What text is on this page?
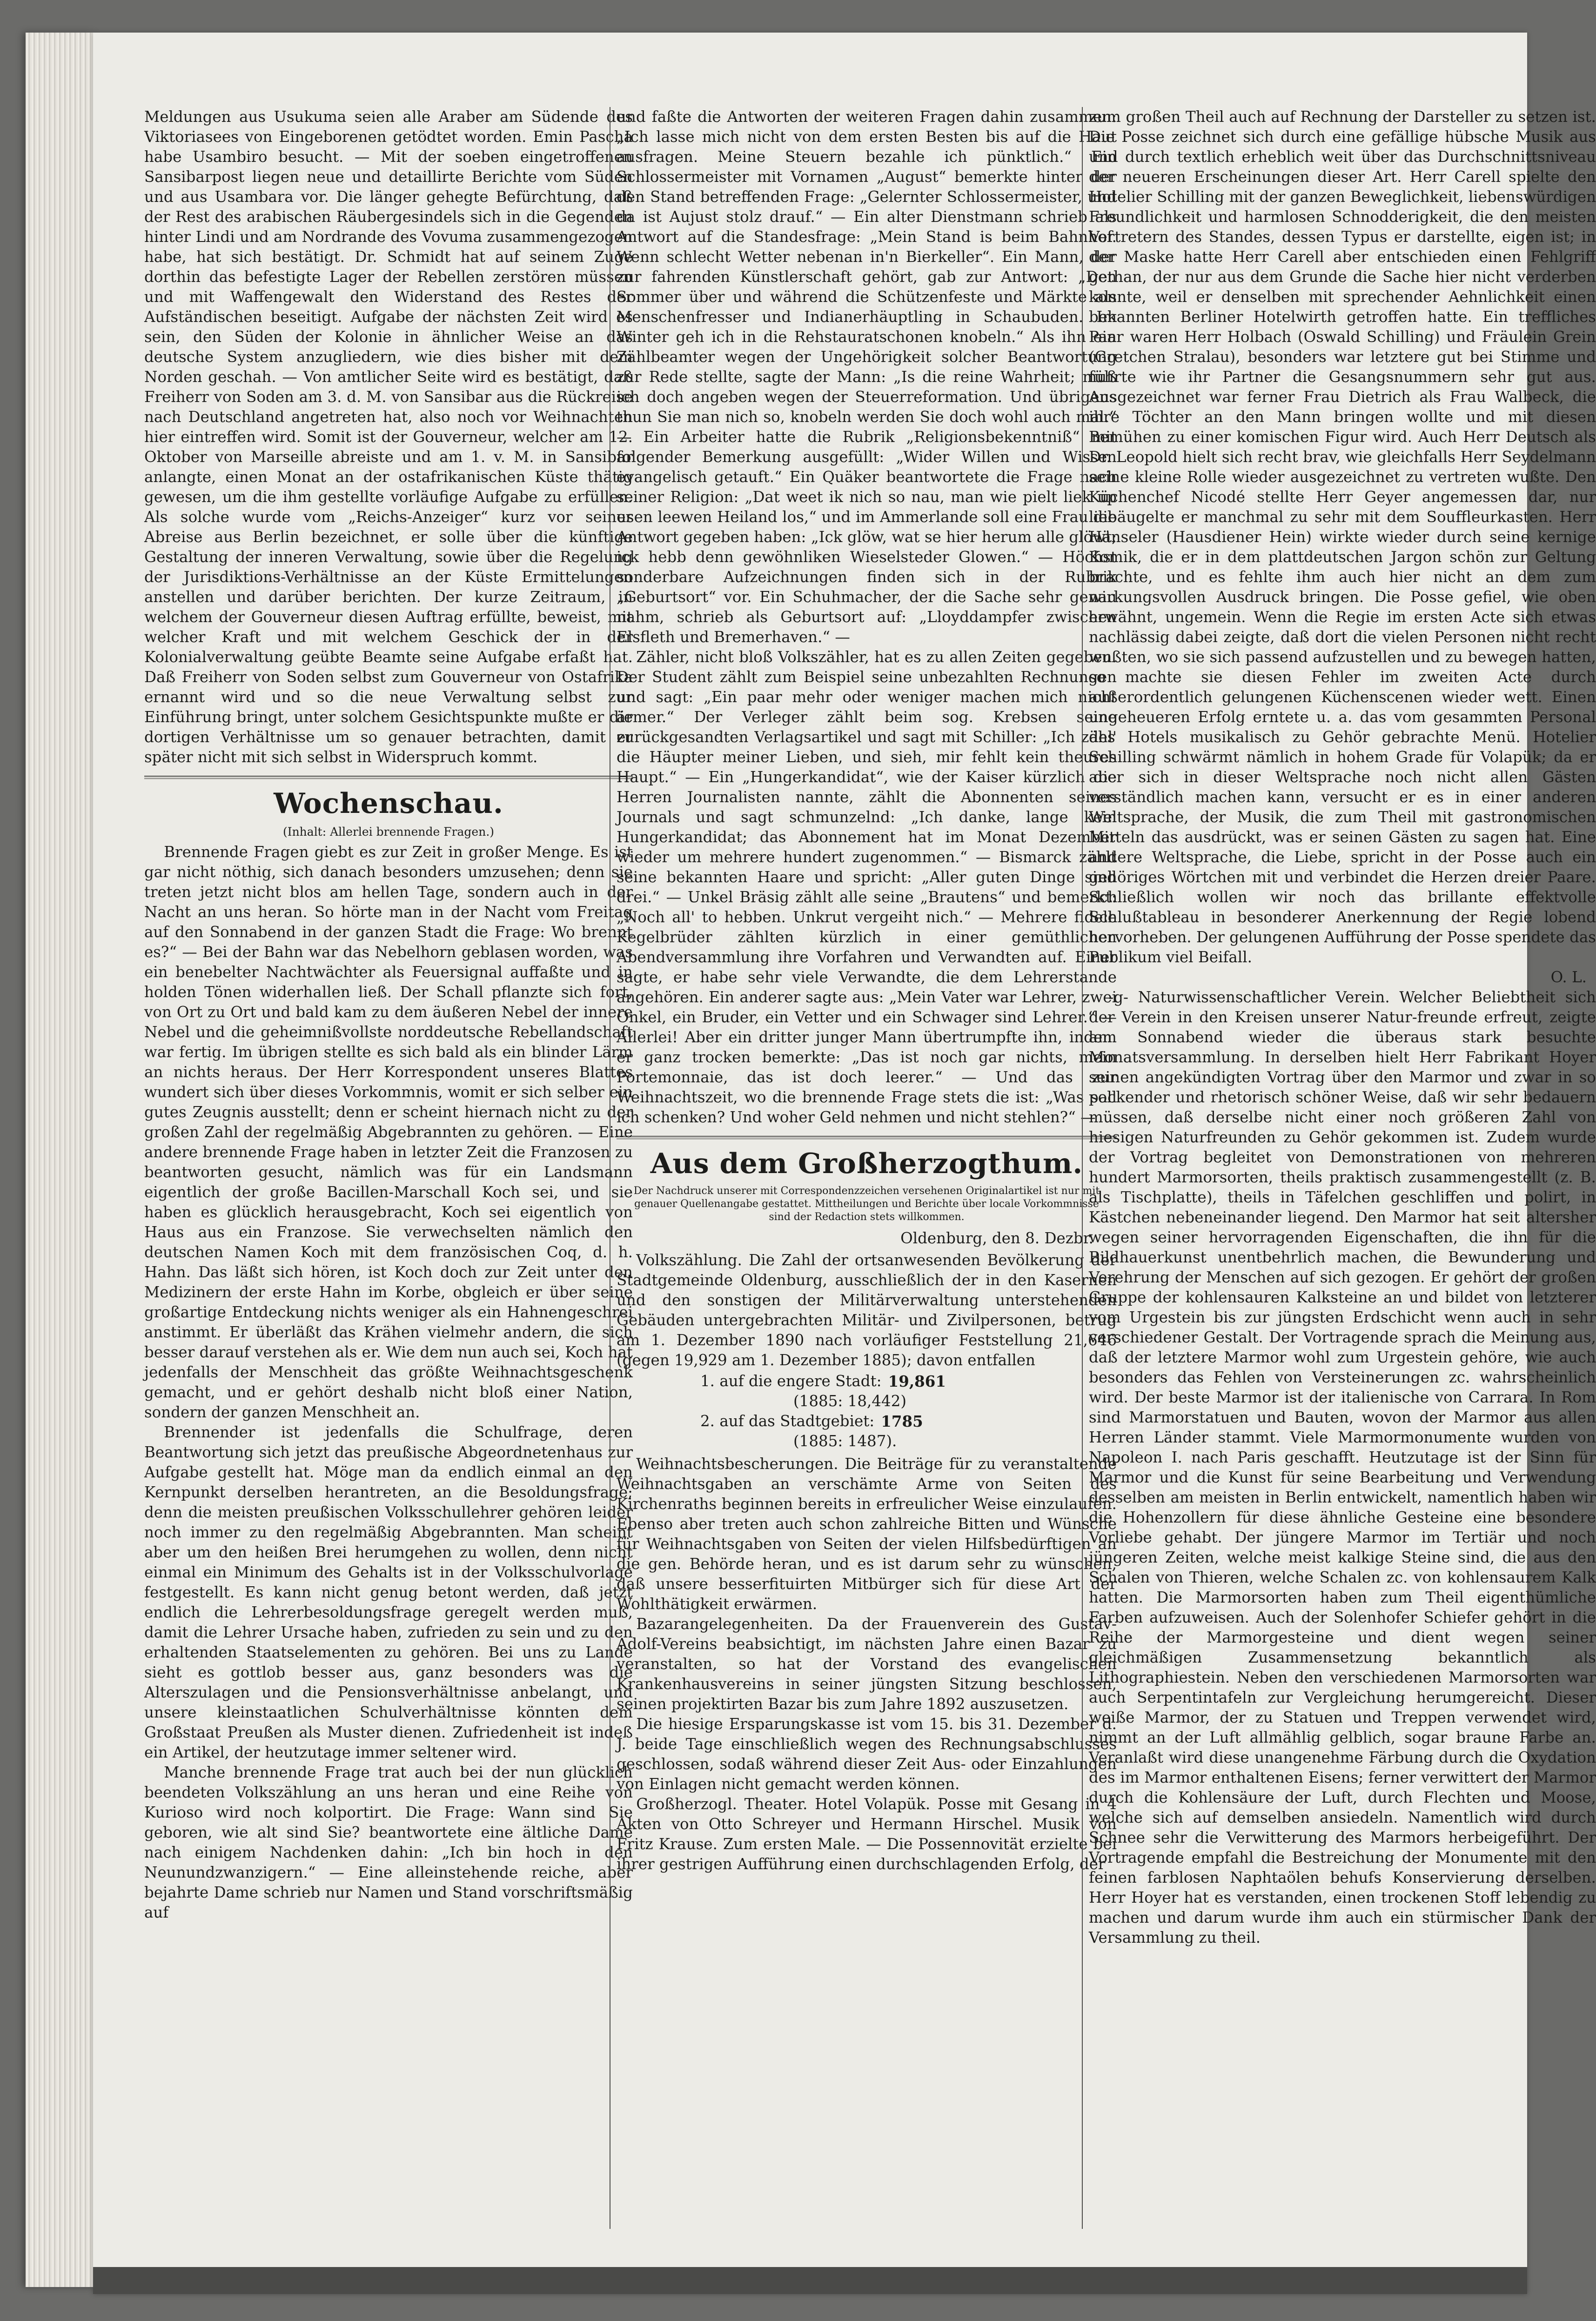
Meldungen aus Usukuma seien alle Araber am Südende des Viktoriasees von Eingeborenen getödtet worden. Emin Pascha habe Usambiro besucht. — Mit der soeben eingetroffenen Sansibarpost liegen neue und detaillirte Berichte vom Süden und aus Usambara vor. Die länger gehegte Befürchtung, daß der Rest des arabischen Räubergesindels sich in die Gegenden hinter Lindi und am Nordrande des Vovuma zusammengezogen habe, hat sich bestätigt. Dr. Schmidt hat auf seinem Zuge dorthin das befestigte Lager der Rebellen zerstören müssen und mit Waffengewalt den Widerstand des Restes der Aufständischen beseitigt. Aufgabe der nächsten Zeit wird es sein, den Süden der Kolonie in ähnlicher Weise an das deutsche System anzugliedern, wie dies bisher mit dem Norden geschah. — Von amtlicher Seite wird es bestätigt, daß Freiherr von Soden am 3. d. M. von Sansibar aus die Rückreise nach Deutschland angetreten hat, also noch vor Weihnachten hier eintreffen wird. Somit ist der Gouverneur, welcher am 12. Oktober von Marseille abreiste und am 1. v. M. in Sansibar anlangte, einen Monat an der ostafrikanischen Küste thätig gewesen, um die ihm gestellte vorläufige Aufgabe zu erfüllen. Als solche wurde vom „Reichs-Anzeiger“ kurz vor seiner Abreise aus Berlin bezeichnet, er solle über die künftige Gestaltung der inneren Verwaltung, sowie über die Regelung der Jurisdiktions-Verhältnisse an der Küste Ermittelungen anstellen und darüber berichten. Der kurze Zeitraum, in welchem der Gouverneur diesen Auftrag erfüllte, beweist, mit welcher Kraft und mit welchem Geschick der in der Kolonialverwaltung geübte Beamte seine Aufgabe erfaßt hat. Daß Freiherr von Soden selbst zum Gouverneur von Ostafrika ernannt wird und so die neue Verwaltung selbst zur Einführung bringt, unter solchem Gesichtspunkte mußte er die dortigen Verhältnisse um so genauer betrachten, damit er später nicht mit sich selbst in Widerspruch kommt.

Wochenschau.
(Inhalt: Allerlei brennende Fragen.)

Brennende Fragen giebt es zur Zeit in großer Menge. Es ist gar nicht nöthig, sich danach besonders umzusehen; denn sie treten jetzt nicht blos am hellen Tage, sondern auch in der Nacht an uns heran. So hörte man in der Nacht vom Freitag auf den Sonnabend in der ganzen Stadt die Frage: Wo brennt es?“ — Bei der Bahn war das Nebelhorn geblasen worden, was ein benebelter Nachtwächter als Feuersignal auffaßte und in holden Tönen widerhallen ließ. Der Schall pflanzte sich fort, von Ort zu Ort und bald kam zu dem äußeren Nebel der innere Nebel und die geheimnißvollste norddeutsche Rebellandschaft war fertig. Im übrigen stellte es sich bald als ein blinder Lärm an nichts heraus. Der Herr Korrespondent unseres Blattes wundert sich über dieses Vorkommnis, womit er sich selber ein gutes Zeugnis ausstellt; denn er scheint hiernach nicht zu der großen Zahl der regelmäßig Abgebrannten zu gehören. — Eine andere brennende Frage haben in letzter Zeit die Franzosen zu beantworten gesucht, nämlich was für ein Landsmann eigentlich der große Bacillen-Marschall Koch sei, und sie haben es glücklich herausgebracht, Koch sei eigentlich von Haus aus ein Franzose. Sie verwechselten nämlich den deutschen Namen Koch mit dem französischen Coq, d. h. Hahn. Das läßt sich hören, ist Koch doch zur Zeit unter den Medizinern der erste Hahn im Korbe, obgleich er über seine großartige Entdeckung nichts weniger als ein Hahnengeschrei anstimmt. Er überläßt das Krähen vielmehr andern, die sich besser darauf verstehen als er. Wie dem nun auch sei, Koch hat jedenfalls der Menschheit das größte Weihnachtsgeschenk gemacht, und er gehört deshalb nicht bloß einer Nation, sondern der ganzen Menschheit an.

Brennender ist jedenfalls die Schulfrage, deren Beantwortung sich jetzt das preußische Abgeordnetenhaus zur Aufgabe gestellt hat. Möge man da endlich einmal an den Kernpunkt derselben herantreten, an die Besoldungsfrage; denn die meisten preußischen Volksschullehrer gehören leider noch immer zu den regelmäßig Abgebrannten. Man scheint aber um den heißen Brei herumgehen zu wollen, denn nicht einmal ein Minimum des Gehalts ist in der Volksschulvorlage festgestellt. Es kann nicht genug betont werden, daß jetzt endlich die Lehrerbesoldungsfrage geregelt werden muß, damit die Lehrer Ursache haben, zufrieden zu sein und zu den erhaltenden Staatselementen zu gehören. Bei uns zu Lande sieht es gottlob besser aus, ganz besonders was die Alterszulagen und die Pensionsverhältnisse anbelangt, und unsere kleinstaatlichen Schulverhältnisse könnten dem Großstaat Preußen als Muster dienen. Zufriedenheit ist indeß ein Artikel, der heutzutage immer seltener wird.

Manche brennende Frage trat auch bei der nun glücklich beendeten Volkszählung an uns heran und eine Reihe von Kurioso wird noch kolportirt. Die Frage: Wann sind Sie geboren, wie alt sind Sie? beantwortete eine ältliche Dame nach einigem Nachdenken dahin: „Ich bin hoch in den Neunundzwanzigern.“ — Eine alleinstehende reiche, aber bejahrte Dame schrieb nur Namen und Stand vorschriftsmäßig auf

und faßte die Antworten der weiteren Fragen dahin zusammen: „Ich lasse mich nicht von dem ersten Besten bis auf die Haut ausfragen. Meine Steuern bezahle ich pünktlich.“ Ein Schlossermeister mit Vornamen „August“ bemerkte hinter der den Stand betreffenden Frage: „Gelernter Schlossermeister, und da ist Aujust stolz drauf.“ — Ein alter Dienstmann schrieb als Antwort auf die Standesfrage: „Mein Stand is beim Bahnhof. Wenn schlecht Wetter nebenan in'n Bierkeller“. Ein Mann, der zur fahrenden Künstlerschaft gehört, gab zur Antwort: „Den Sommer über und während die Schützenfeste und Märkte als Menschenfresser und Indianerhäuptling in Schaubuden. Im Winter geh ich in die Rehstauratschonen knobeln.“ Als ihn ein Zählbeamter wegen der Ungehörigkeit solcher Beantwortung zur Rede stellte, sagte der Mann: „Is die reine Wahrheit; muß ich doch angeben wegen der Steuerreformation. Und übrigens thun Sie man nich so, knobeln werden Sie doch wohl auch mal.“ — Ein Arbeiter hatte die Rubrik „Religionsbekenntniß“ mit folgender Bemerkung ausgefüllt: „Wider Willen und Wissen evangelisch getauft.“ Ein Quäker beantwortete die Frage nach seiner Religion: „Dat weet ik nich so nau, man wie pielt liek up usen leewen Heiland los,“ und im Ammerlande soll eine Frau die Antwort gegeben haben: „Ick glöw, wat se hier herum alle glöwt; ick hebb denn gewöhnliken Wieselsteder Glowen.“ — Höchst sonderbare Aufzeichnungen finden sich in der Rubrik „Geburtsort“ vor. Ein Schuhmacher, der die Sache sehr genau nahm, schrieb als Geburtsort auf: „Lloyddampfer zwischen Elsfleth und Bremerhaven.“ —

Zähler, nicht bloß Volkszähler, hat es zu allen Zeiten gegeben. Der Student zählt zum Beispiel seine unbezahlten Rechnungen und sagt: „Ein paar mehr oder weniger machen mich nicht ärmer.“ Der Verleger zählt beim sog. Krebsen seine zurückgesandten Verlagsartikel und sagt mit Schiller: „Ich zähl' die Häupter meiner Lieben, und sieh, mir fehlt kein theures Haupt.“ — Ein „Hungerkandidat“, wie der Kaiser kürzlich die Herren Journalisten nannte, zählt die Abonnenten seines Journals und sagt schmunzelnd: „Ich danke, lange kein Hungerkandidat; das Abonnement hat im Monat Dezember wieder um mehrere hundert zugenommen.“ — Bismarck zählt seine bekannten Haare und spricht: „Aller guten Dinge sind drei.“ — Unkel Bräsig zählt alle seine „Brautens“ und bemerkt: „Noch all' to hebben. Unkrut vergeiht nich.“ — Mehrere fidele Kegelbrüder zählten kürzlich in einer gemüthlichen Abendversammlung ihre Vorfahren und Verwandten auf. Einer sagte, er habe sehr viele Verwandte, die dem Lehrerstande angehören. Ein anderer sagte aus: „Mein Vater war Lehrer, zwei Onkel, ein Bruder, ein Vetter und ein Schwager sind Lehrer.“ — Allerlei! Aber ein dritter junger Mann übertrumpfte ihn, indem er ganz trocken bemerkte: „Das ist noch gar nichts, mein Portemonnaie, das ist doch leerer.“ — Und das zur Weihnachtszeit, wo die brennende Frage stets die ist: „Was soll ich schenken? Und woher Geld nehmen und nicht stehlen?“ —

Aus dem Großherzogthum.
Der Nachdruck unserer mit Correspondenzzeichen versehenen Originalartikel ist nur mit genauer Quellenangabe gestattet. Mittheilungen und Berichte über locale Vorkommnisse sind der Redaction stets willkommen.
Oldenburg, den 8. Dezbr.

Volkszählung. Die Zahl der ortsanwesenden Bevölkerung der Stadtgemeinde Oldenburg, ausschließlich der in den Kasernen und den sonstigen der Militärverwaltung unterstehenden Gebäuden untergebrachten Militär- und Zivilpersonen, betrug am 1. Dezember 1890 nach vorläufiger Feststellung 21,646 (gegen 19,929 am 1. Dezember 1885); davon entfallen

1. auf die engere Stadt: 19,861
(1885: 18,442)
2. auf das Stadtgebiet: 1785
(1885: 1487).

Weihnachtsbescherungen. Die Beiträge für zu veranstaltende Weihnachtsgaben an verschämte Arme von Seiten des Kirchenraths beginnen bereits in erfreulicher Weise einzulaufen. Ebenso aber treten auch schon zahlreiche Bitten und Wünsche für Weihnachtsgaben von Seiten der vielen Hilfsbedürftigen an die gen. Behörde heran, und es ist darum sehr zu wünschen, daß unsere besserfituirten Mitbürger sich für diese Art der Wohlthätigkeit erwärmen.

Bazarangelegenheiten. Da der Frauenverein des Gustav-Adolf-Vereins beabsichtigt, im nächsten Jahre einen Bazar zu veranstalten, so hat der Vorstand des evangelischen Krankenhausvereins in seiner jüngsten Sitzung beschlossen, seinen projektirten Bazar bis zum Jahre 1892 auszusetzen.

Die hiesige Ersparungskasse ist vom 15. bis 31. Dezember d. J. beide Tage einschließlich wegen des Rechnungsabschlusses geschlossen, sodaß während dieser Zeit Aus- oder Einzahlungen von Einlagen nicht gemacht werden können.

Großherzogl. Theater. Hotel Volapük. Posse mit Gesang in 4 Akten von Otto Schreyer und Hermann Hirschel. Musik von Fritz Krause. Zum ersten Male. — Die Possennovität erzielte bei ihrer gestrigen Aufführung einen durchschlagenden Erfolg, der

zum großen Theil auch auf Rechnung der Darsteller zu setzen ist. Die Posse zeichnet sich durch eine gefällige hübsche Musik aus und durch textlich erheblich weit über das Durchschnittsniveau der neueren Erscheinungen dieser Art. Herr Carell spielte den Hotelier Schilling mit der ganzen Beweglichkeit, liebenswürdigen Freundlichkeit und harmlosen Schnodderigkeit, die den meisten Vertretern des Standes, dessen Typus er darstellte, eigen ist; in der Maske hatte Herr Carell aber entschieden einen Fehlgriff gethan, der nur aus dem Grunde die Sache hier nicht verderben konnte, weil er denselben mit sprechender Aehnlichkeit einen bekannten Berliner Hotelwirth getroffen hatte. Ein treffliches Paar waren Herr Holbach (Oswald Schilling) und Fräulein Grein (Gretchen Stralau), besonders war letztere gut bei Stimme und führte wie ihr Partner die Gesangsnummern sehr gut aus. Ausgezeichnet war ferner Frau Dietrich als Frau Walbeck, die ihre Töchter an den Mann bringen wollte und mit diesen Bemühen zu einer komischen Figur wird. Auch Herr Deutsch als Dr. Leopold hielt sich recht brav, wie gleichfalls Herr Seydelmann seine kleine Rolle wieder ausgezeichnet zu vertreten wußte. Den Küchenchef Nicodé stellte Herr Geyer angemessen dar, nur liebäugelte er manchmal zu sehr mit dem Souffleurkasten. Herr Hänseler (Hausdiener Hein) wirkte wieder durch seine kernige Komik, die er in dem plattdeutschen Jargon schön zur Geltung brachte, und es fehlte ihm auch hier nicht an dem zum wirkungsvollen Ausdruck bringen. Die Posse gefiel, wie oben erwähnt, ungemein. Wenn die Regie im ersten Acte sich etwas nachlässig dabei zeigte, daß dort die vielen Personen nicht recht wußten, wo sie sich passend aufzustellen und zu bewegen hatten, so machte sie diesen Fehler im zweiten Acte durch außerordentlich gelungenen Küchenscenen wieder wett. Einen ungeheueren Erfolg erntete u. a. das vom gesammten Personal des Hotels musikalisch zu Gehör gebrachte Menü. Hotelier Schilling schwärmt nämlich in hohem Grade für Volapük; da er aber sich in dieser Weltsprache noch nicht allen Gästen verständlich machen kann, versucht er es in einer anderen Weltsprache, der Musik, die zum Theil mit gastronomischen Mitteln das ausdrückt, was er seinen Gästen zu sagen hat. Eine andere Weltsprache, die Liebe, spricht in der Posse auch ein gehöriges Wörtchen mit und verbindet die Herzen dreier Paare. Schließlich wollen wir noch das brillante effektvolle Schlußtableau in besonderer Anerkennung der Regie lobend hervorheben. Der gelungenen Aufführung der Posse spendete das Publikum viel Beifall.

O. L.

-g- Naturwissenschaftlicher Verein. Welcher Beliebtheit sich der Verein in den Kreisen unserer Natur-freunde erfreut, zeigte am Sonnabend wieder die überaus stark besuchte Monatsversammlung. In derselben hielt Herr Fabrikant Hoyer seinen angekündigten Vortrag über den Marmor und zwar in so packender und rhetorisch schöner Weise, daß wir sehr bedauern müssen, daß derselbe nicht einer noch größeren Zahl von hiesigen Naturfreunden zu Gehör gekommen ist. Zudem wurde der Vortrag begleitet von Demonstrationen von mehreren hundert Marmorsorten, theils praktisch zusammengestellt (z. B. als Tischplatte), theils in Täfelchen geschliffen und polirt, in Kästchen nebeneinander liegend. Den Marmor hat seit altersher wegen seiner hervorragenden Eigenschaften, die ihn für die Bildhauerkunst unentbehrlich machen, die Bewunderung und Verehrung der Menschen auf sich gezogen. Er gehört der großen Gruppe der kohlensauren Kalksteine an und bildet von letzterer vom Urgestein bis zur jüngsten Erdschicht wenn auch in sehr verschiedener Gestalt. Der Vortragende sprach die Meinung aus, daß der letztere Marmor wohl zum Urgestein gehöre, wie auch besonders das Fehlen von Versteinerungen zc. wahrscheinlich wird. Der beste Marmor ist der italienische von Carrara. In Rom sind Marmorstatuen und Bauten, wovon der Marmor aus allen Herren Länder stammt. Viele Marmormonumente wurden von Napoleon I. nach Paris geschafft. Heutzutage ist der Sinn für Marmor und die Kunst für seine Bearbeitung und Verwendung desselben am meisten in Berlin entwickelt, namentlich haben wir die Hohenzollern für diese ähnliche Gesteine eine besondere Vorliebe gehabt. Der jüngere Marmor im Tertiär und noch jüngeren Zeiten, welche meist kalkige Steine sind, die aus den Schalen von Thieren, welche Schalen zc. von kohlensaurem Kalk hatten. Die Marmorsorten haben zum Theil eigenthümliche Farben aufzuweisen. Auch der Solenhofer Schiefer gehört in die Reihe der Marmorgesteine und dient wegen seiner gleichmäßigen Zusammensetzung bekanntlich als Lithographiestein. Neben den verschiedenen Marmorsorten war auch Serpentintafeln zur Vergleichung herumgereicht. Dieser weiße Marmor, der zu Statuen und Treppen verwendet wird, nimmt an der Luft allmählig gelblich, sogar braune Farbe an. Veranlaßt wird diese unangenehme Färbung durch die Oxydation des im Marmor enthaltenen Eisens; ferner verwittert der Marmor durch die Kohlensäure der Luft, durch Flechten und Moose, welche sich auf demselben ansiedeln. Namentlich wird durch Schnee sehr die Verwitterung des Marmors herbeigeführt. Der Vortragende empfahl die Bestreichung der Monumente mit den feinen farblosen Naphtaölen behufs Konservierung derselben. Herr Hoyer hat es verstanden, einen trockenen Stoff lebendig zu machen und darum wurde ihm auch ein stürmischer Dank der Versammlung zu theil.
